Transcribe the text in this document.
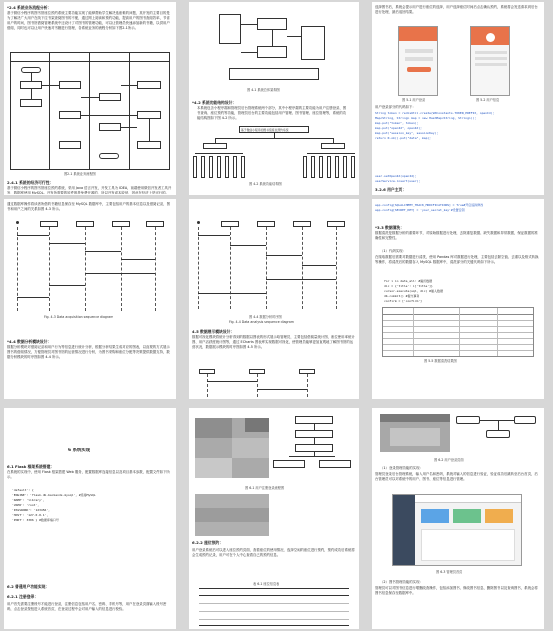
*2.4 系统业务流程分析：
基于微信小程序的图书馆座位预约系统主要功能实现了能够帮助学生解决选座难的问题，其开发的主要目的是为了解决广大用户在线下往书架查阅图书的不便，通过网上阅读和预约功能，提高用户的图书查阅效率，节省用户的时间，图书馆借阅管理系统中还设计了对图书的管理功能，可以让管理员快速添加新的书籍，以供用户借阅，同时也可以让用户快速对书籍进行管理，各系统业务的流程分析如下图2-1所示。
图2-1 系统业务流程图
2.4.1 系统的经济可行性：
基于微信小程序的图书馆座位预约系统，采用 Java 语言开发，开发工具为 IDEA，前端使用微信开发者工具开发，数据库使用 MySQL。开发所需要的软件都是免费开源的，所以开发成本较低，因此在经济上是可行的。
图 4-1 系统总体架构图
*4.2 系统功能结构设计：
本系统包含小程序端和管理员后台管理系统两个部分，其中小程序端的主要功能为用户注册登录、图书查询、座位预约等功能，管理员后台的主要功能包括用户管理、图书管理、座位管理等，系统的功能结构图如下图 4-2 所示。
基于微信小程序的图书馆座位预约系统
图 4-2 系统功能结构图
选择图书后，系统会提示用户进行座位的选择，用户选择座位时间后点击确认预约，系统将会发送请求到后台进行处理，最后返回结果。
图 5-1 用户登录	图 5-2 用户信息
用户登录部分的代码如下：
String token = redisUtil.create(WXConstants.TOKEN_PREFIX, openId);
Map<String, String> map = new HashMap<String, String>();
map.put("token", token);
map.put("openId", openId);
map.put("session_key", sessionKey);
return R.ok().put("data", map);
user.setOpenId(openId);
userService.insert(user);
3.2.6 用户主页：
通过数据库操作将读者所借的书籍信息保存至 MySQL 数据库中，主要包括用户的基本信息以及借阅记录，图书和用户之间的关系如图 4-3 所示。
Fig. 4-3 Data acquisition sequence diagram
*4.4 数据分析模块设计：
数据分析模块对借阅记录和用户行为等信息进行统计分析，根据分析结果生成对应的图表，以直观的方式展示图书的借阅情况，方便管理员对图书馆的运营情况进行分析，为图书采购和座位分配等决策提供数据支持，数据分析模块的时序图如图 4-4 所示。
图 4-4 数据分析时序图
Fig. 4-4 Data analysis sequence diagram
4.5 数据展示模块设计：
数据可视化模块将统计分析得到的数据以图表的形式展示给管理员，主要包括借阅量统计图、座位使用率统计图、用户活跃度统计图等，通过 ECharts 图表库实现数据可视化，使管理员能够更加直观地了解图书馆的运营状况，数据展示模块的时序图如图 4-5 所示。
app.config[SQLALCHEMY_TRACK_MODIFICATIONS] = True#开启追踪修改
app.config[SECRET_KEY] = 'your_secret_key'#设置密钥
*3.3 数据清洗：
数据清洗是数据分析的重要环节，对原始数据进行处理，去除重复数据、缺失数据和异常数据，保证数据的准确性和完整性。
（1）代码实现：
在爬取数据后需要对数据进行清洗，使用 Pandas 库对数据进行处理，主要包括去除空值、去重以及格式转换等操作，将清洗后的数据存入 MySQL 数据库中，清洗部分的关键代码如下所示。
for i in data_all: #遍历数据
dic = {'title': i['title']}
cursor.execute(sql, dic) #插入数据
db.commit() #提交事务
confirm = ['confirm']
图 5-5 数据清洗结果图
6 系统实现
6.1 Flask 框架系统搭建：
在系统的实现中，使用 Flask 框架搭建 Web 服务，配置数据库连接信息以及项目基本参数，配置文件如下所示。
'default': {
'ENGINE': 'flask.db.backends.mysql', #连接MySQL
'NAME': 'library',
'USER': 'root',
'PASSWORD': '123456',
'HOST': '127.0.0.1',
'PORT': 3306 } #数据库端口号
6.2 普通用户功能实现：
6.2.1 注册登录：
用户首先需要注册账号才能进行登录，注册信息包括用户名、密码、手机号等，用户在登录页面输入账号密码，点击登录按钮进入系统首页，在登录过程中会对用户输入的信息进行校验。
图 6-1 用户注册登录流程图
6.2.2 座位预约：
用户登录系统后可以进入座位预约页面，查看座位的使用情况，选择空闲的座位进行预约，预约成功后系统将会生成预约记录，用户可在个人中心查看自己的预约信息。
表 6-1 座位信息表
图 6-2 用户登录页面
（1）登录管理功能的实现：
管理员登录后台管理系统，输入用户名和密码，系统对输入的信息进行验证，验证成功后跳转至后台首页，后台管理员可以对系统中的用户、图书、座位等信息进行管理。
图 6-3 管理员首页
（2）图书管理功能的实现：
管理员可以对图书信息进行增删改查操作，包括添加图书、修改图书信息、删除图书以及查询图书，系统会将图书信息保存至数据库中。
